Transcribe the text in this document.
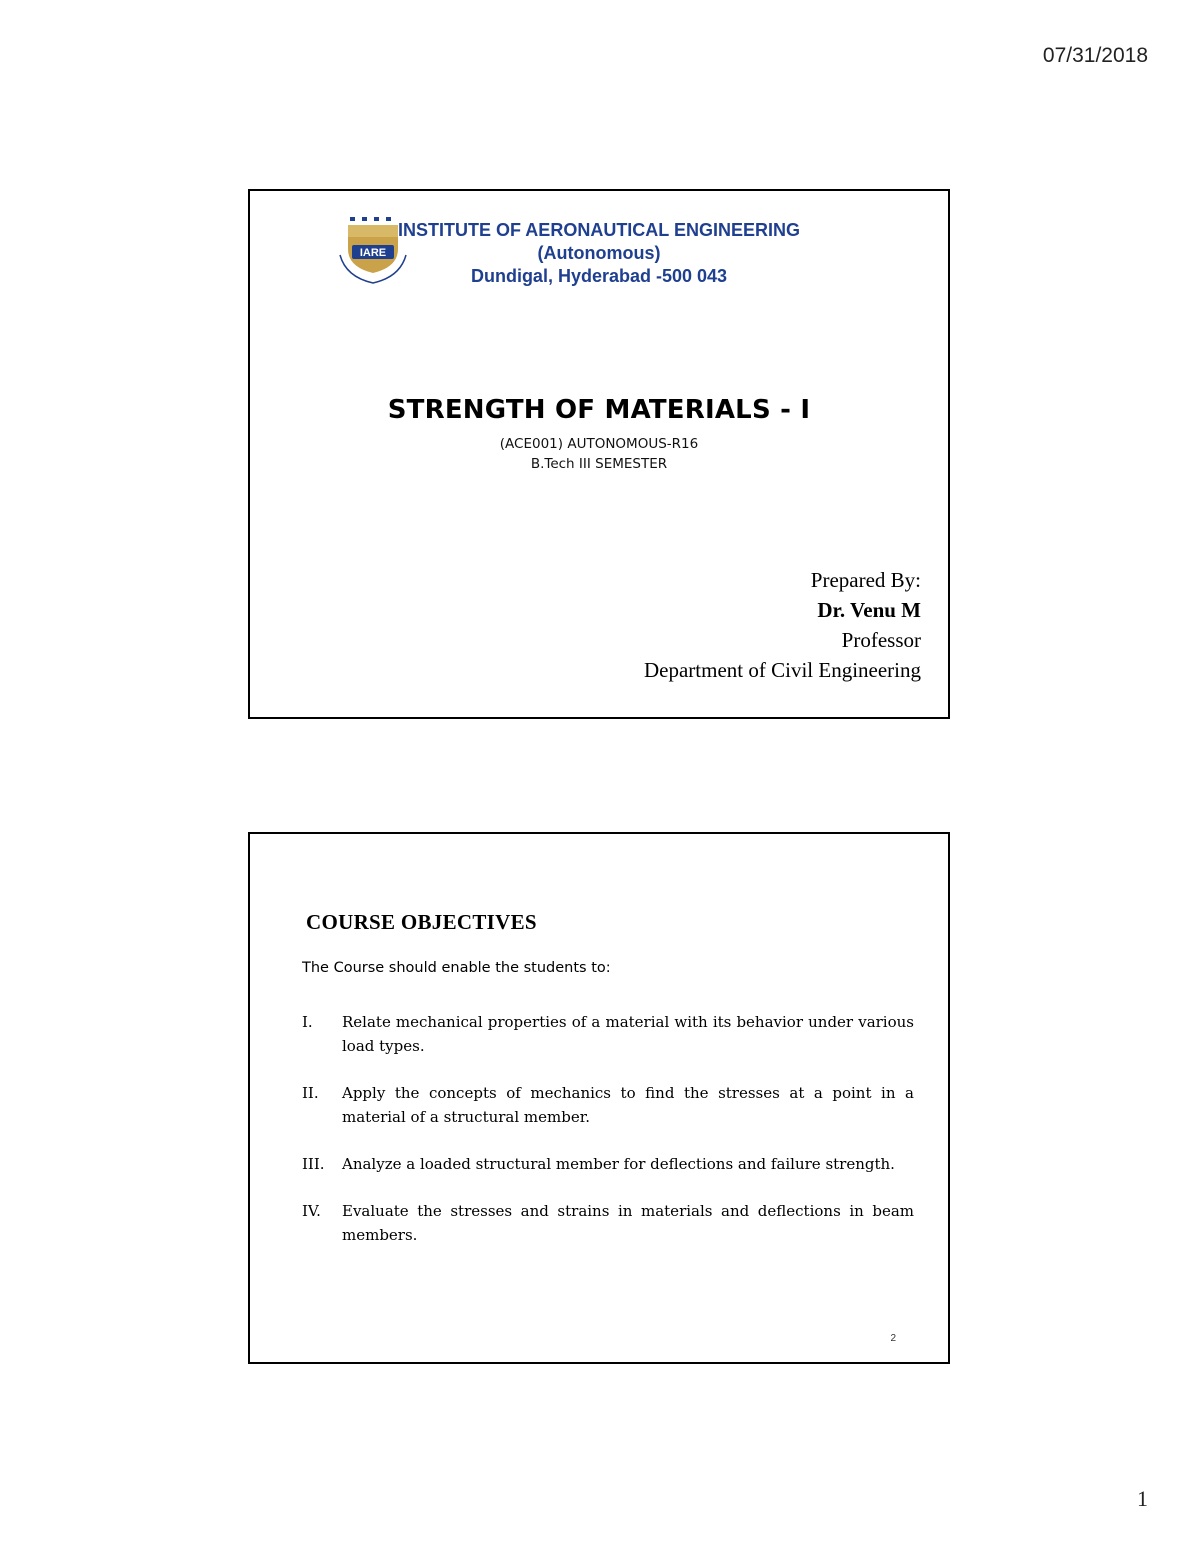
07/31/2018
IARE
INSTITUTE OF AERONAUTICAL ENGINEERING
(Autonomous)
Dundigal, Hyderabad -500 043
STRENGTH OF MATERIALS - I
(ACE001) AUTONOMOUS-R16
B.Tech III SEMESTER
Prepared By:
Dr. Venu M
Professor
Department of Civil Engineering
COURSE OBJECTIVES
The Course should enable the students to:
I.	Relate mechanical properties of a material with its behavior under various load types.
II.	Apply the concepts of mechanics to find the stresses at a point in a material of a structural member.
III.	Analyze a loaded structural member for deflections and failure strength.
IV.	Evaluate the stresses and strains in materials and deflections in beam members.
2
1
